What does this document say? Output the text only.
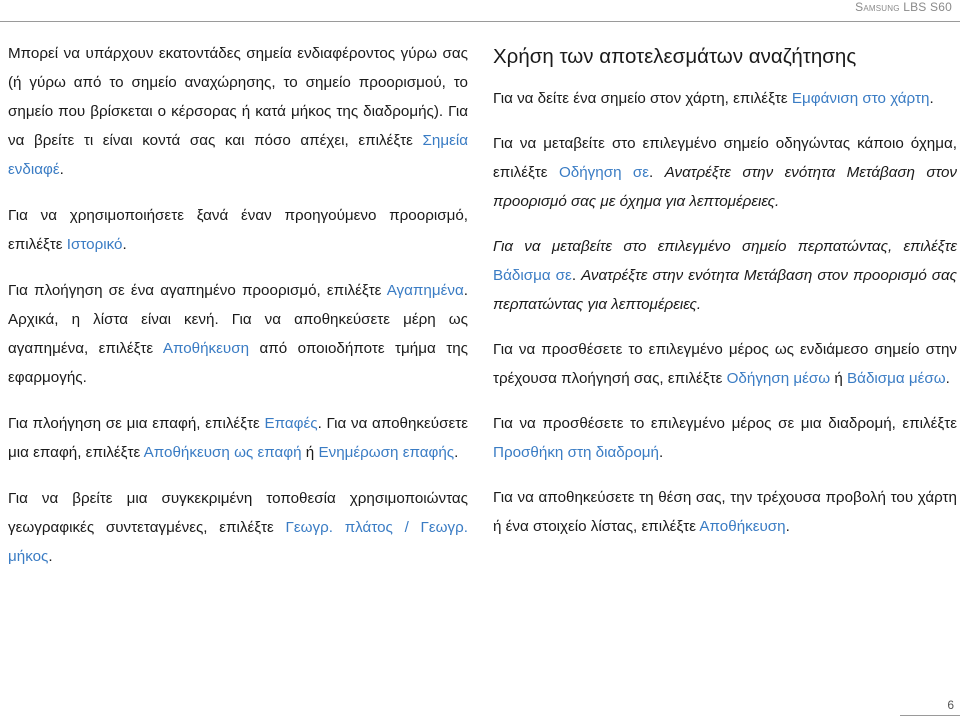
Samsung LBS S60

Μπορεί να υπάρχουν εκατοντάδες σημεία ενδιαφέροντος γύρω σας (ή γύρω από το σημείο αναχώρησης, το σημείο προορισμού, το σημείο που βρίσκεται ο κέρσορας ή κατά μήκος της διαδρομής). Για να βρείτε τι είναι κοντά σας και πόσο απέχει, επιλέξτε Σημεία ενδιαφέ.

Για να χρησιμοποιήσετε ξανά έναν προηγούμενο προορισμό, επιλέξτε Ιστορικό.

Για πλοήγηση σε ένα αγαπημένο προορισμό, επιλέξτε Αγαπημένα. Αρχικά, η λίστα είναι κενή. Για να αποθηκεύσετε μέρη ως αγαπημένα, επιλέξτε Αποθήκευση από οποιοδήποτε τμήμα της εφαρμογής.

Για πλοήγηση σε μια επαφή, επιλέξτε Επαφές. Για να αποθηκεύσετε μια επαφή, επιλέξτε Αποθήκευση ως επαφή ή Ενημέρωση επαφής.

Για να βρείτε μια συγκεκριμένη τοποθεσία χρησιμοποιώντας γεωγραφικές συντεταγμένες, επιλέξτε Γεωγρ. πλάτος / Γεωγρ. μήκος.

Χρήση των αποτελεσμάτων αναζήτησης

Για να δείτε ένα σημείο στον χάρτη, επιλέξτε Εμφάνιση στο χάρτη.

Για να μεταβείτε στο επιλεγμένο σημείο οδηγώντας κάποιο όχημα, επιλέξτε Οδήγηση σε. Ανατρέξτε στην ενότητα Μετάβαση στον προορισμό σας με όχημα για λεπτομέρειες.

Για να μεταβείτε στο επιλεγμένο σημείο περπατώντας, επιλέξτε Βάδισμα σε. Ανατρέξτε στην ενότητα Μετάβαση στον προορισμό σας περπατώντας για λεπτομέρειες.

Για να προσθέσετε το επιλεγμένο μέρος ως ενδιάμεσο σημείο στην τρέχουσα πλοήγησή σας, επιλέξτε Οδήγηση μέσω ή Βάδισμα μέσω.

Για να προσθέσετε το επιλεγμένο μέρος σε μια διαδρομή, επιλέξτε Προσθήκη στη διαδρομή.

Για να αποθηκεύσετε τη θέση σας, την τρέχουσα προβολή του χάρτη ή ένα στοιχείο λίστας, επιλέξτε Αποθήκευση.

6
